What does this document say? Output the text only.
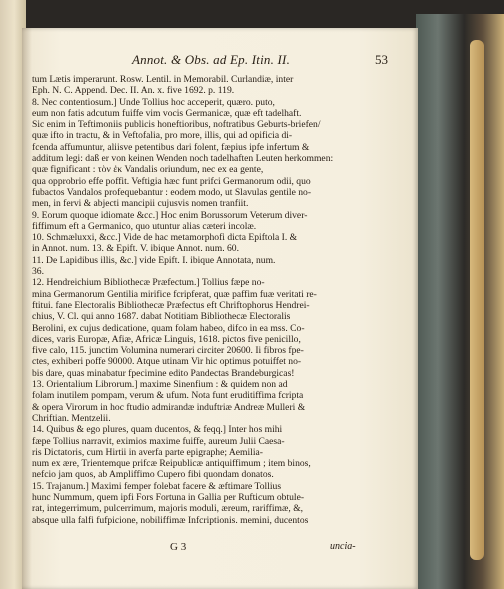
Annot. & Obs. ad Ep. Itin. II.	53
tum Lætis imperarunt. Rosw. Lentil. in Memorabil. Curlandiæ, inter
Eph. N. C. Append. Dec. II. An. x. five 1692. p. 119.
8. Nec contentiosum.] Unde Tollius hoc acceperit, quæro. puto,
eum non fatis adcutum fuiffe vim vocis Germanicæ, quæ eft tadelhaft.
Sic enim in Teftimoniis publicis honeftioribus, noftratibus Geburts-briefen/
quæ ifto in tractu, & in Veftofalia, pro more, illis, qui ad opificia di-
fcenda affumuntur, aliisve petentibus dari folent, fæpius ipfe infertum &
additum legi: daß er von keinen Wenden noch tadelhaften Leuten herkommen:
quæ fignificant : τὸν ἐκ Vandalis oriundum, nec ex ea gente,
qua opprobrio effe poffit. Veftigia hæc funt prifci Germanorum odii, quo
fubactos Vandalos profequebantur : eodem modo, ut Slavulas gentile no-
men, in fervi & abjecti mancipii cujusvis nomen tranfiit.
9. Eorum quoque idiomate &cc.] Hoc enim Borussorum Veterum diver-
fiffimum eft a Germanico, quo utuntur alias cæteri incolæ.
10. Schmæluxxi, &cc.] Vide de hac metamorphofi dicta Epiftola I. &
in Annot. num. 13. & Epift. V. ibique Annot. num. 60.
11. De Lapidibus illis, &c.] vide Epift. I. ibique Annotata, num.
36.
12. Hendreichium Bibliothecæ Præfectum.] Tollius fæpe no-
mina Germanorum Gentilia mirifice fcripferat, quæ paffim fuæ veritati re-
ftitui. fane Electoralis Bibliothecæ Præfectus eft Chriftophorus Hendrei-
chius, V. Cl. qui anno 1687. dabat Notitiam Bibliothecæ Electoralis
Berolini, ex cujus dedicatione, quam folam habeo, difco in ea mss. Co-
dices, varis Europæ, Afiæ, Africæ Linguis, 1618. pictos five penicillo,
five calo, 115. junctim Volumina numerari circiter 20600. Ii fibros fpe-
ctes, exhiberi poffe 90000. Atque utinam Vir hic optimus potuiffet no-
bis dare, quas minabatur fpecimine edito Pandectas Brandeburgicas!
13. Orientalium Librorum.] maxime Sinenfium : & quidem non ad
folam inutilem pompam, verum & ufum. Nota funt eruditiffima fcripta
& opera Virorum in hoc ftudio admirandæ induftriæ Andreæ Mulleri &
Chriftian. Mentzelii.
14. Quibus & ego plures, quam ducentos, & feqq.] Inter hos mihi
fæpe Tollius narravit, eximios maxime fuiffe, aureum Julii Caesa-
ris Dictatoris, cum Hirtii in averfa parte epigraphe; Aemilia-
num ex ære, Trientemque prifcæ Reipublicæ antiquiffimum ; item binos,
nefcio jam quos, ab Ampliffimo Cupero fibi quondam donatos.
15. Trajanum.] Maximi femper folebat facere & æftimare Tollius
hunc Nummum, quem ipfi Fors Fortuna in Gallia per Rufticum obtule-
rat, integerrimum, pulcerrimum, majoris moduli, æreum, rariffimæ, &,
absque ulla falfi fufpicione, nobiliffimæ Infcriptionis. memini, ducentos
G 3	uncia-
